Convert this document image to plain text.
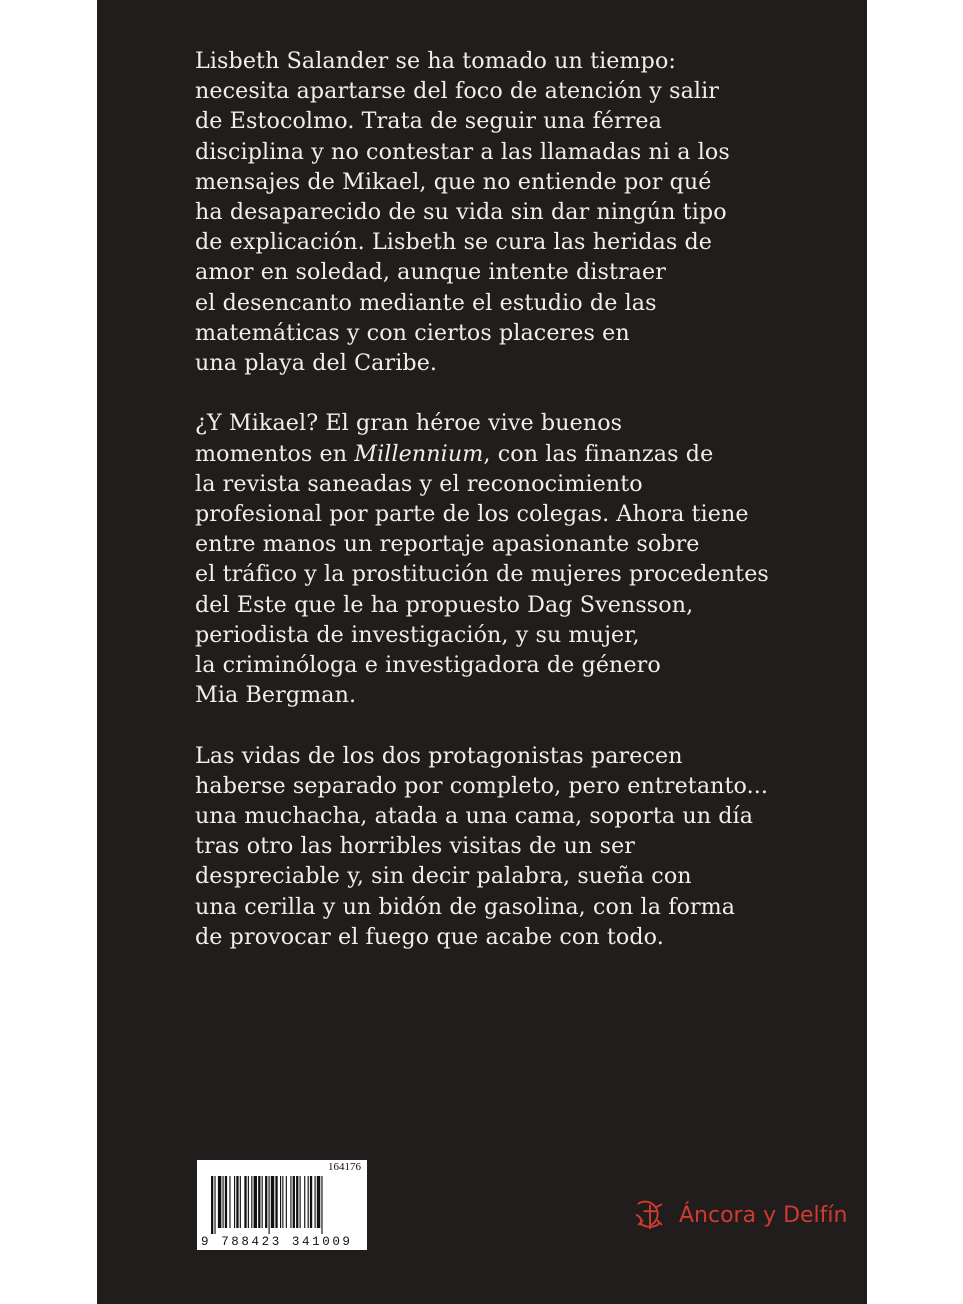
Lisbeth Salander se ha tomado un tiempo:
necesita apartarse del foco de atención y salir
de Estocolmo. Trata de seguir una férrea
disciplina y no contestar a las llamadas ni a los
mensajes de Mikael, que no entiende por qué
ha desaparecido de su vida sin dar ningún tipo
de explicación. Lisbeth se cura las heridas de
amor en soledad, aunque intente distraer
el desencanto mediante el estudio de las
matemáticas y con ciertos placeres en
una playa del Caribe.

¿Y Mikael? El gran héroe vive buenos
momentos en Millennium, con las finanzas de
la revista saneadas y el reconocimiento
profesional por parte de los colegas. Ahora tiene
entre manos un reportaje apasionante sobre
el tráfico y la prostitución de mujeres procedentes
del Este que le ha propuesto Dag Svensson,
periodista de investigación, y su mujer,
la criminóloga e investigadora de género
Mia Bergman.

Las vidas de los dos protagonistas parecen
haberse separado por completo, pero entretanto...
una muchacha, atada a una cama, soporta un día
tras otro las horribles visitas de un ser
despreciable y, sin decir palabra, sueña con
una cerilla y un bidón de gasolina, con la forma
de provocar el fuego que acabe con todo.

164176
9 788423 341009
Áncora y Delfín
